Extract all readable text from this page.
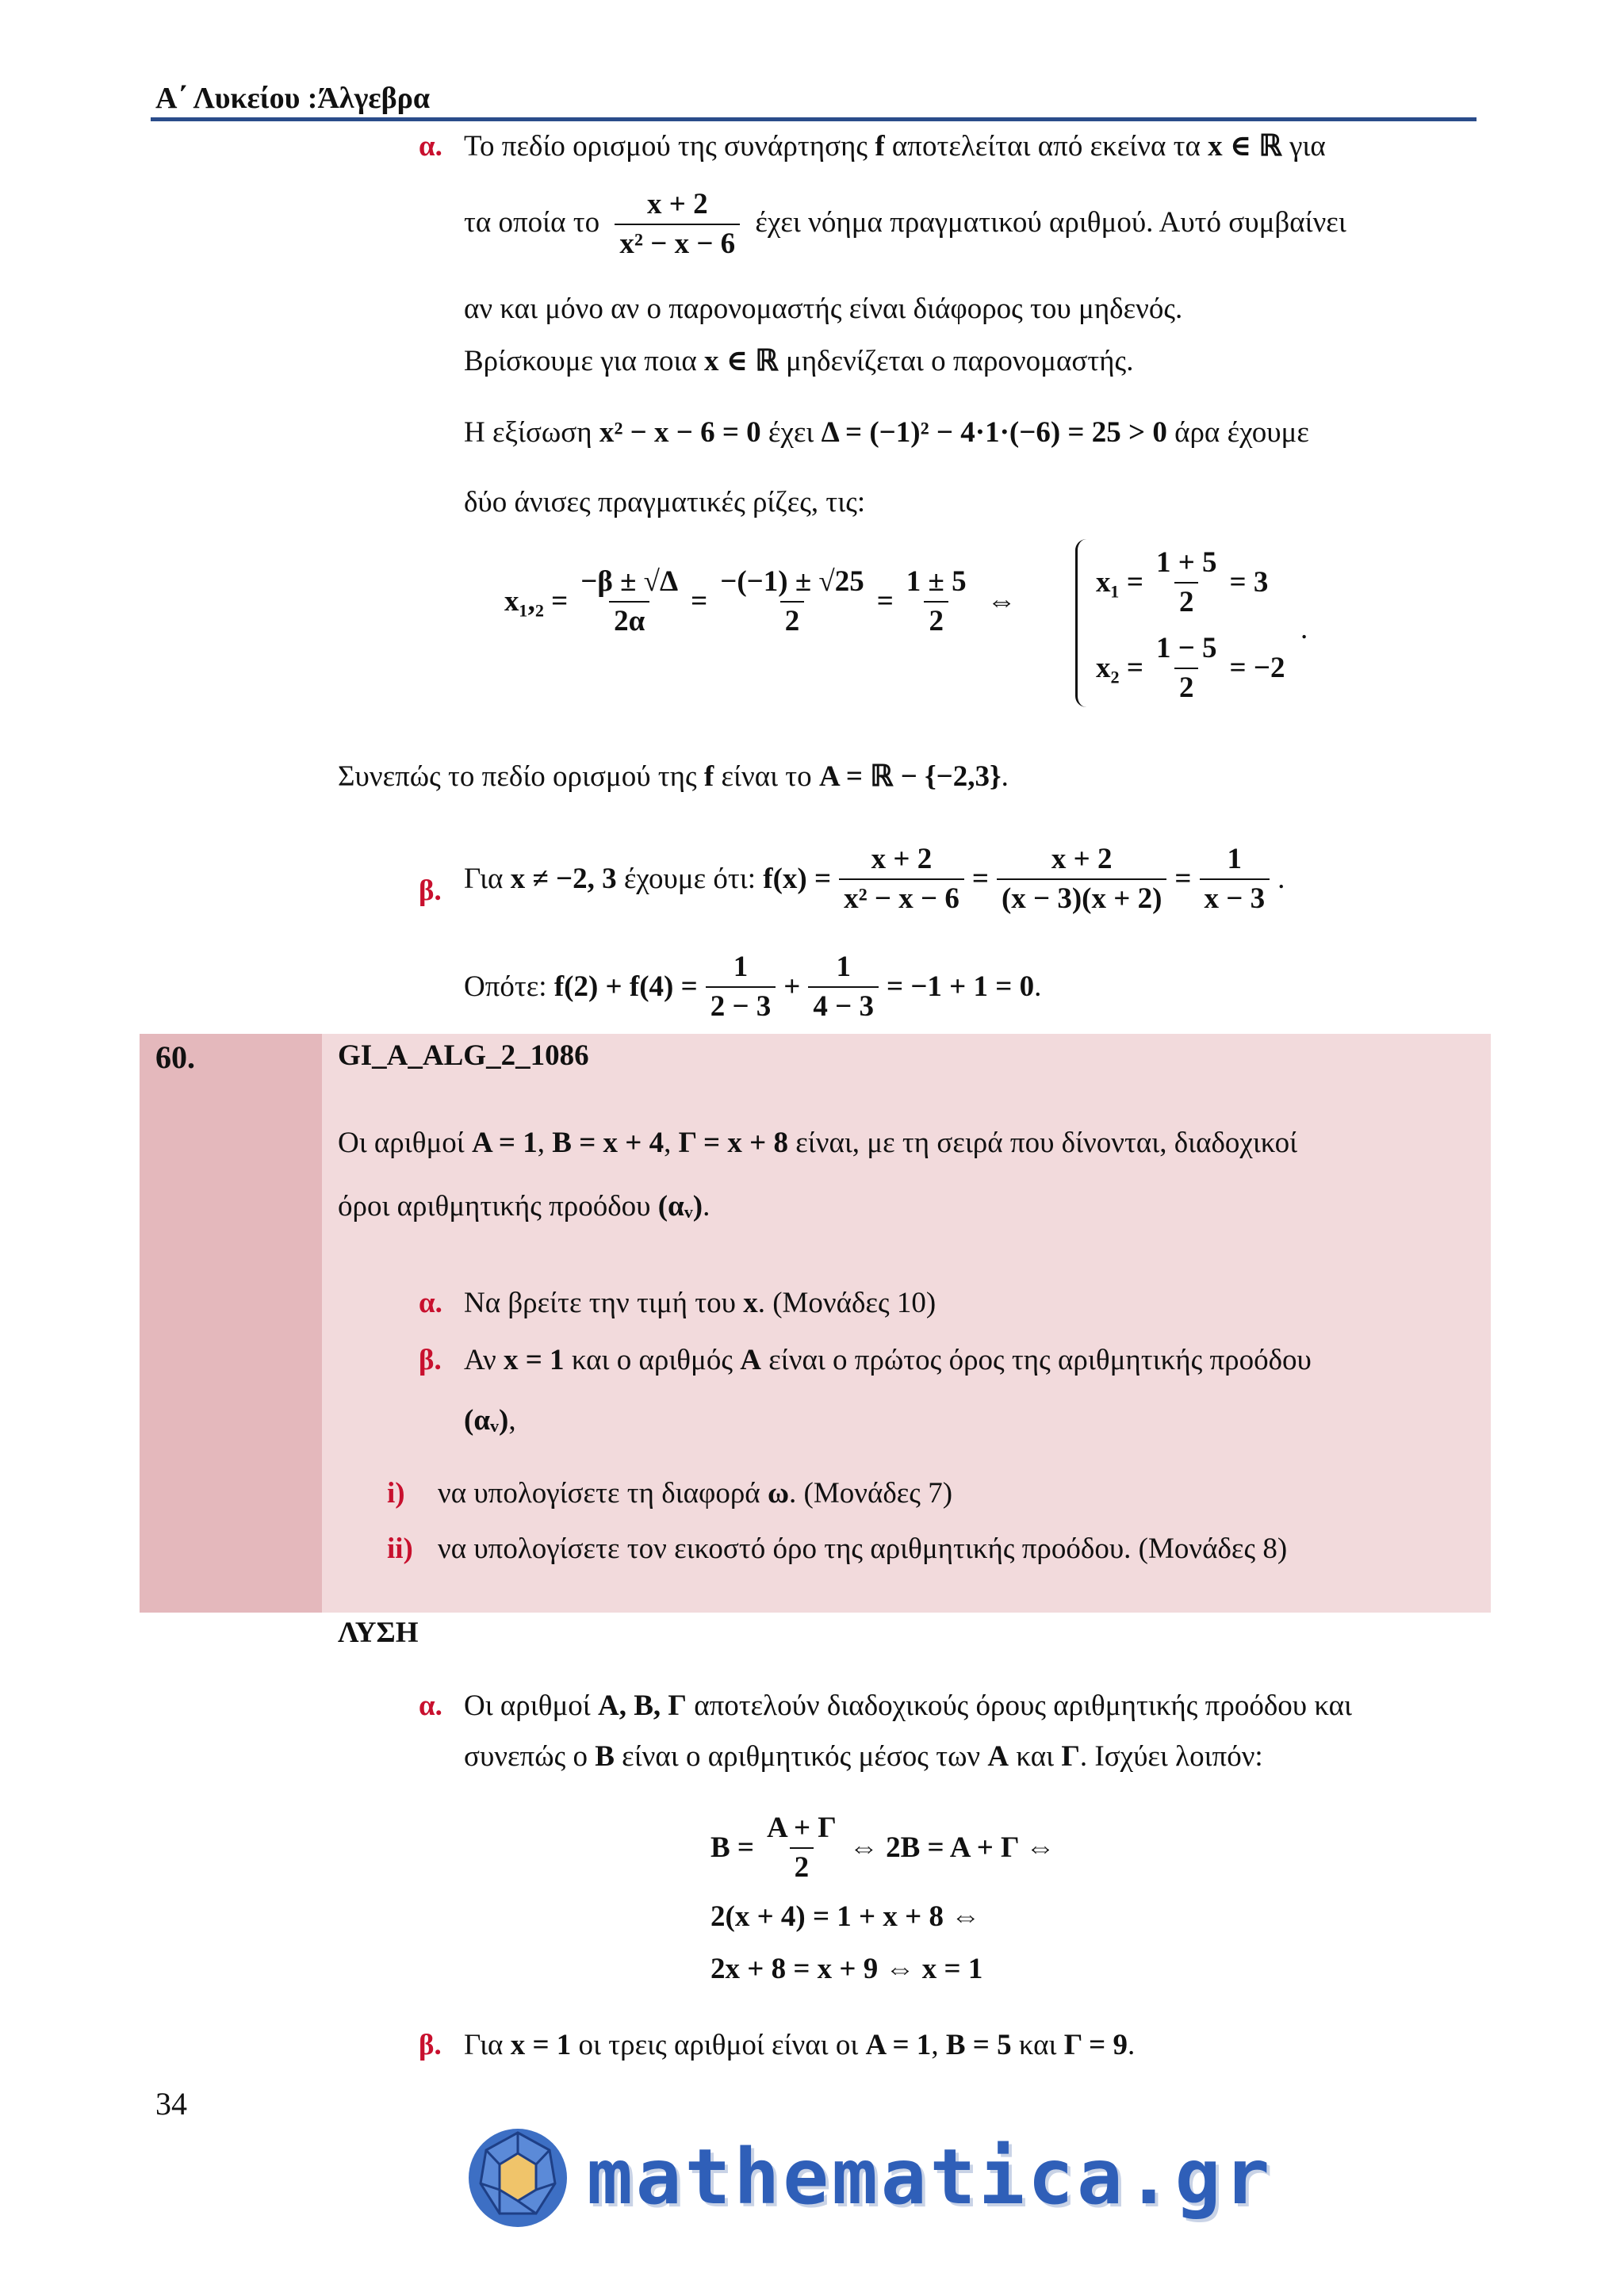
Α΄ Λυκείου :Άλγεβρα
α. Το πεδίο ορισμού της συνάρτησης f αποτελείται από εκείνα τα x ∈ ℝ για
τα οποία το $\frac{x + 2}{\text{x² − x − 6}}$ έχει νόημα πραγματικού αριθμού. Αυτό συμβαίνει
αν και μόνο αν ο παρονομαστής είναι διάφορος του μηδενός.
Βρίσκουμε για ποια x ∈ ℝ μηδενίζεται ο παρονομαστής.
Η εξίσωση x² − x − 6 = 0 έχει Δ = (−1)² − 4·1·(−6) = 25 > 0 άρα έχουμε
δύο άνισες πραγματικές ρίζες, τις:
$x_1,_2 = \frac{-\beta \pm √\Delta}{2\alpha} = \frac{-(-1) \pm √25}{2} = \frac{1 \pm 5}{2}$ ⇔
$x_1 = \frac{1 + 5}{2} = 3$
$x_2 = \frac{1 - 5}{2} = -2$
.
Συνεπώς το πεδίο ορισμού της f είναι το A = ℝ − {−2,3}.
β. Για
x ≠ −2, 3
έχουμε ότι:
$f(x) = \frac{x + 2}{\text{x² − x − 6}} = \frac{x + 2}{(x - 3)(x + 2)} = \frac{1}{x - 3}$ .
Οπότε:
$f(2) + f(4) = \frac{1}{2 - 3} + \frac{1}{4 - 3} = -1 + 1 = 0$ .
60.	GI_A_ALG_2_1086
Οι αριθμοί A = 1, B = x + 4, Γ = x + 8 είναι, με τη σειρά που δίνονται, διαδοχικοί
όροι αριθμητικής προόδου (αᵥ).
α. Να βρείτε την τιμή του x. (Μονάδες 10)
β. Αν x = 1 και ο αριθμός A είναι ο πρώτος όρος της αριθμητικής προόδου
(αᵥ),
i) να υπολογίσετε τη διαφορά ω. (Μονάδες 7)
ii) να υπολογίσετε τον εικοστό όρο της αριθμητικής προόδου. (Μονάδες 8)
ΛΥΣΗ
α. Οι αριθμοί A, B, Γ αποτελούν διαδοχικούς όρους αριθμητικής προόδου και
συνεπώς ο B είναι ο αριθμητικός μέσος των A και Γ. Ισχύει λοιπόν:
$B = \frac{A + \Gamma}{2}$ ⇔ 2B = A + Γ ⇔
2(x + 4) = 1 + x + 8 ⇔
2x + 8 = x + 9 ⇔ x = 1
β. Για x = 1 οι τρεις αριθμοί είναι οι A = 1, B = 5 και Γ = 9.
34
mathematica.gr
